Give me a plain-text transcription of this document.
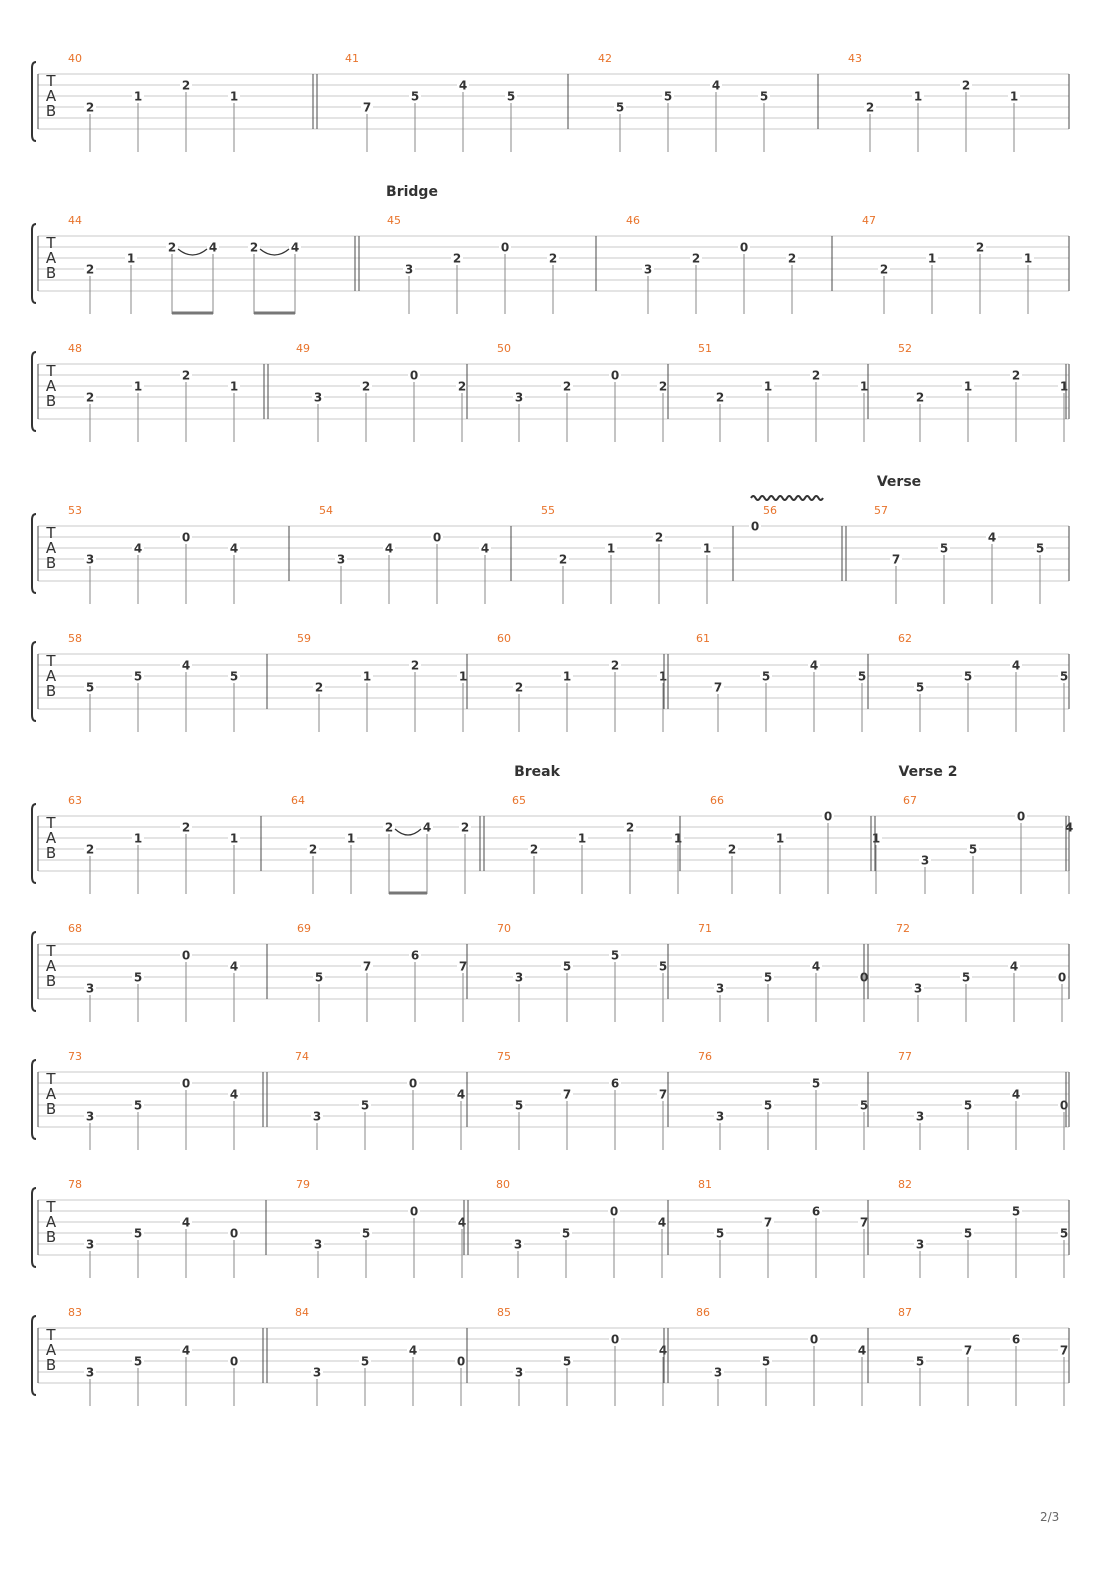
T
A
B
40
2
1
2
1
41
7
5
4
5
42
5
5
4
5
43
2
1
2
1
T
A
B
44
2
1
2	4	2	4
45
Bridge
3
2
0
2
46
3
2
0
2
47
2
1
2
1
T
A
B
48
2
1
2
1
49
3
2
0
2
50
3
2
0
2
51
2
1
2
1
52
2
1
2
1
T
A
B
53
3
4
0
4
54
3
4
0
4
55
2
1
2
1
56
0
57
Verse
7
5
4
5
T
A
B
58
5
5
4
5
59
2
1
2
1
60
2
1
2
1
61
7
5
4
5
62
5
5
4
5
T
A
B
63
2
1
2
1
64
2
1
2 4 2
65
Break
2
1
2
1
66
2
1
0
1
67
Verse 2
3
5
0
4
T
A
B
68
3
5
0
4
69
5
7
6
7
70
3
5
5
5
71
3
5
4
0
72
3
5
4
0
T
A
B
73
3
5
0
4
74
3
5
0
4
75
5
7
6
7
76
3
5
5
5
77
3
5
4
0
T
A
B
78
3
5
4
0
79
3
5
0
4
80
3
5
0
4
81
5
7
6
7
82
3
5
5
5
T
A
B
83
3
5
4
0
84
3
5
4
0
85
3
5
0
4
86
3
5
0
4
87
5
7
6
7
2/3
